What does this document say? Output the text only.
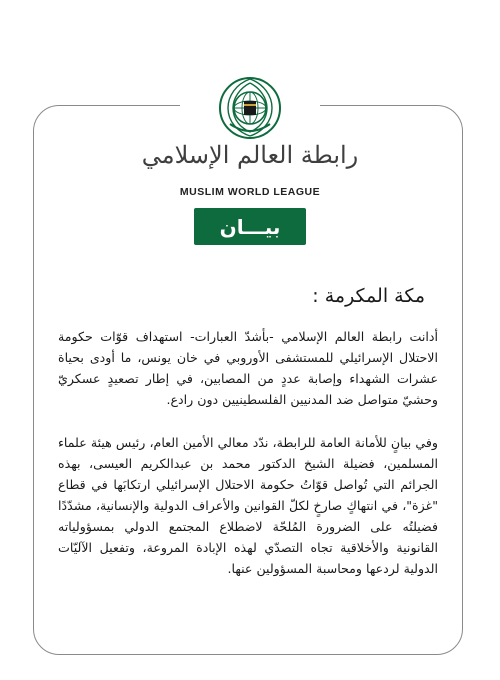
رابطة العالم الإسلامي
MUSLIM WORLD LEAGUE
بيـــان
مكة المكرمة :
أدانت رابطة العالم الإسلامي -بأشدّ العبارات- استهداف قوّات حكومة الاحتلال الإسرائيلي للمستشفى الأوروبي في خان يونس، ما أودى بحياة عشرات الشهداء وإصابة عددٍ من المصابين، في إطار تصعيدٍ عسكريّ وحشيّ متواصل ضد المدنيين الفلسطينيين دون رادع.
وفي بيانٍ للأمانة العامة للرابطة، ندّد معالي الأمين العام، رئيس هيئة علماء المسلمين، فضيلة الشيخ الدكتور محمد بن عبدالكريم العيسى، بهذه الجرائم التي تُواصل قوّاتُ حكومة الاحتلال الإسرائيلي ارتكابَها في قطاع "غزة"، في انتهاكٍ صارخٍ لكلّ القوانين والأعراف الدولية والإنسانية، مشدّدًا فضيلتُه على الضرورة المُلحّة لاضطلاع المجتمع الدولي بمسؤولياته القانونية والأخلاقية تجاه التصدّي لهذه الإبادة المروعة، وتفعيل الآليّات الدولية لردعها ومحاسبة المسؤولين عنها.
